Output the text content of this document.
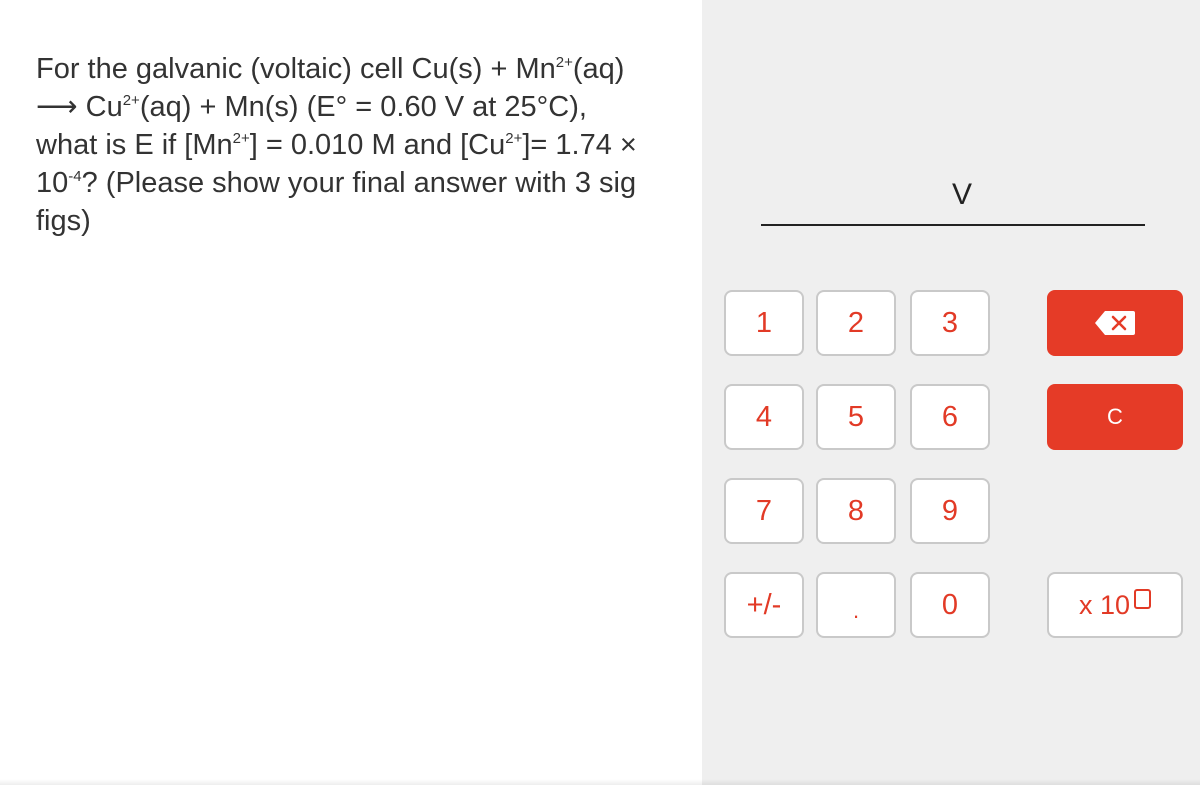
For the galvanic (voltaic) cell $Cu(s) + Mn^{2+}(aq)$
⟶ $Cu^{2+}(aq) + Mn(s) (E^\circ = 0.60$ V at 25°C),
what is E if $[Mn^{2+}] = 0.010$ M and $[Cu^{2+}]= 1.74$ ×
$10^{-4}$? (Please show your final answer with 3 sig
figs)
V
1	2	3
4	5	6	C
7	8	9
+/-	.	0	x 10
